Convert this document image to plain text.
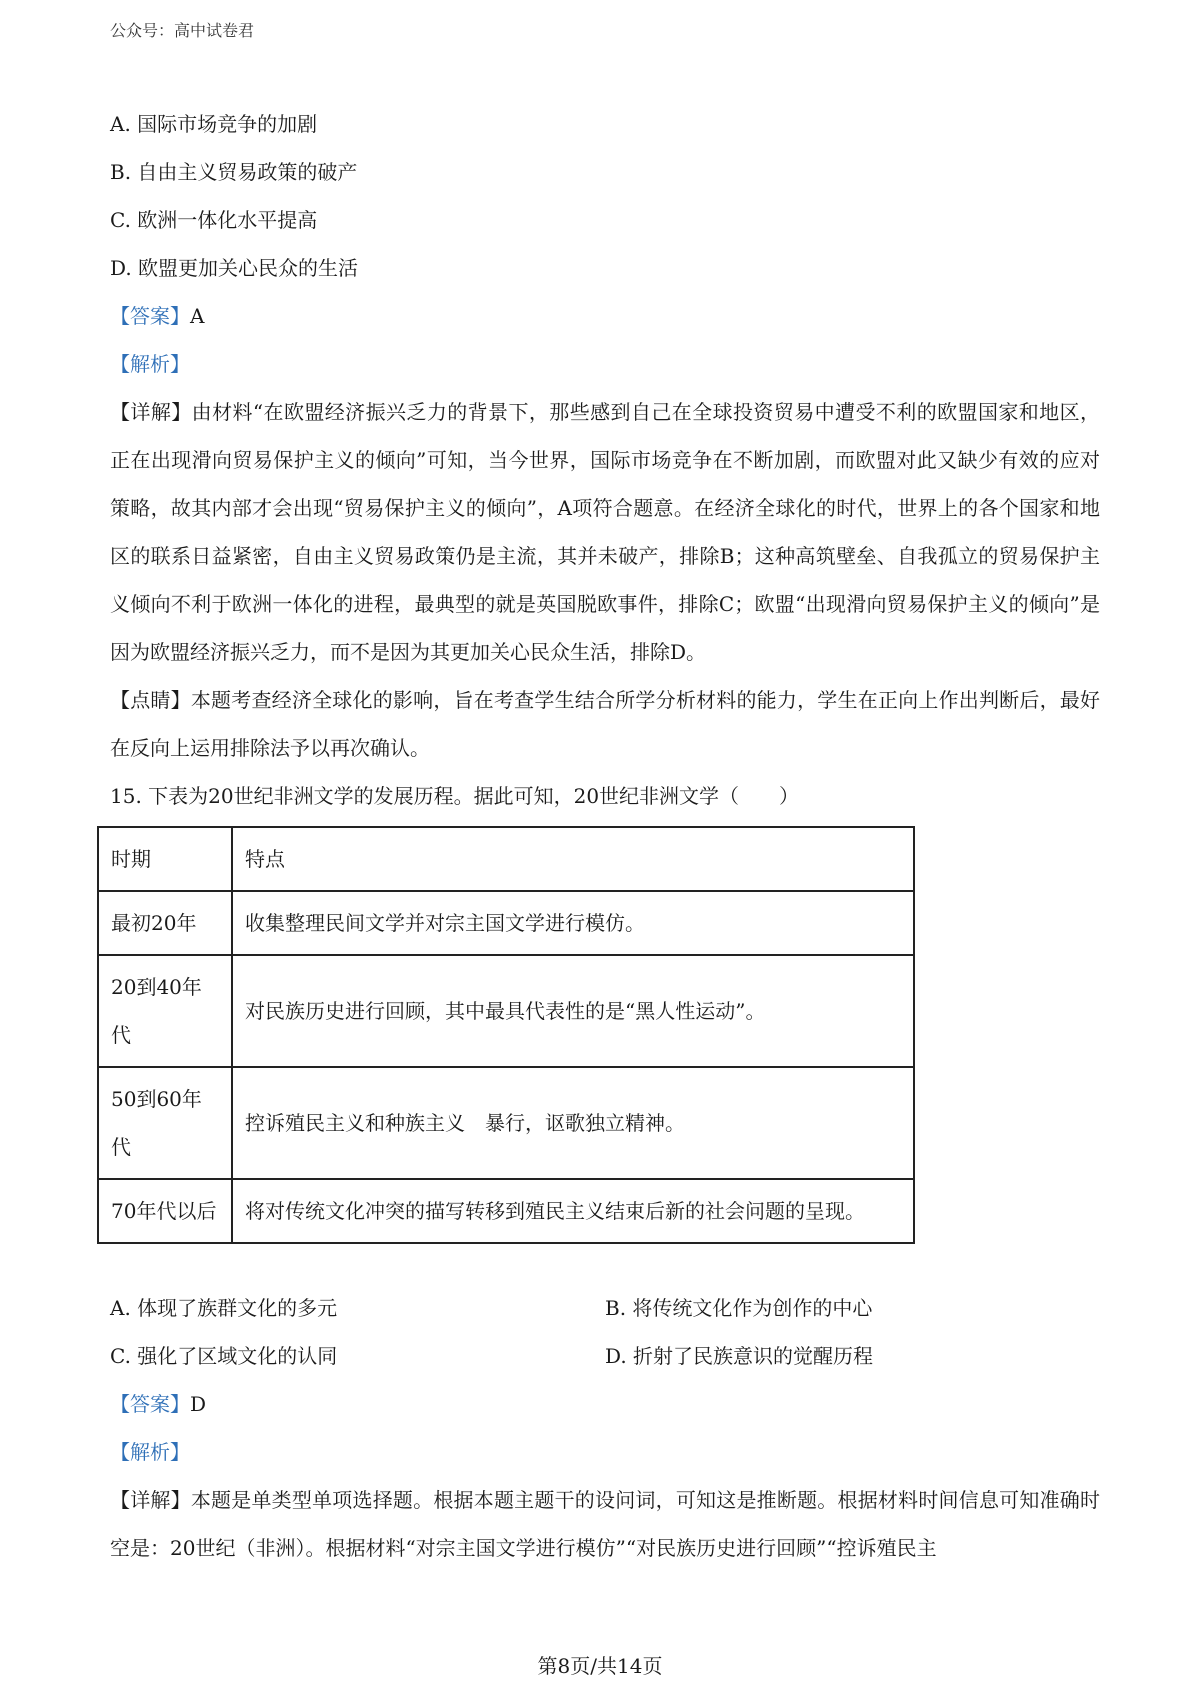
公众号：高中试卷君
A. 国际市场竞争的加剧
B. 自由主义贸易政策的破产
C. 欧洲一体化水平提高
D. 欧盟更加关心民众的生活
【答案】A
【解析】
【详解】由材料“在欧盟经济振兴乏力的背景下，那些感到自己在全球投资贸易中遭受不利的欧盟国家和地区，正在出现滑向贸易保护主义的倾向”可知，当今世界，国际市场竞争在不断加剧，而欧盟对此又缺少有效的应对策略，故其内部才会出现“贸易保护主义的倾向”，A项符合题意。在经济全球化的时代，世界上的各个国家和地区的联系日益紧密，自由主义贸易政策仍是主流，其并未破产，排除B；这种高筑壁垒、自我孤立的贸易保护主义倾向不利于欧洲一体化的进程，最典型的就是英国脱欧事件，排除C；欧盟“出现滑向贸易保护主义的倾向”是因为欧盟经济振兴乏力，而不是因为其更加关心民众生活，排除D。
【点睛】本题考查经济全球化的影响，旨在考查学生结合所学分析材料的能力，学生在正向上作出判断后，最好在反向上运用排除法予以再次确认。
15. 下表为20世纪非洲文学的发展历程。据此可知，20世纪非洲文学（　　）
时期	特点
最初20年	收集整理民间文学并对宗主国文学进行模仿。
20到40年代	对民族历史进行回顾，其中最具代表性的是“黑人性运动”。
50到60年代	控诉殖民主义和种族主义　暴行，讴歌独立精神。
70年代以后	将对传统文化冲突的描写转移到殖民主义结束后新的社会问题的呈现。
A. 体现了族群文化的多元	B. 将传统文化作为创作的中心
C. 强化了区域文化的认同	D. 折射了民族意识的觉醒历程
【答案】D
【解析】
【详解】本题是单类型单项选择题。根据本题主题干的设问词，可知这是推断题。根据材料时间信息可知准确时空是：20世纪（非洲）。根据材料“对宗主国文学进行模仿”“对民族历史进行回顾”“控诉殖民主
第8页/共14页
